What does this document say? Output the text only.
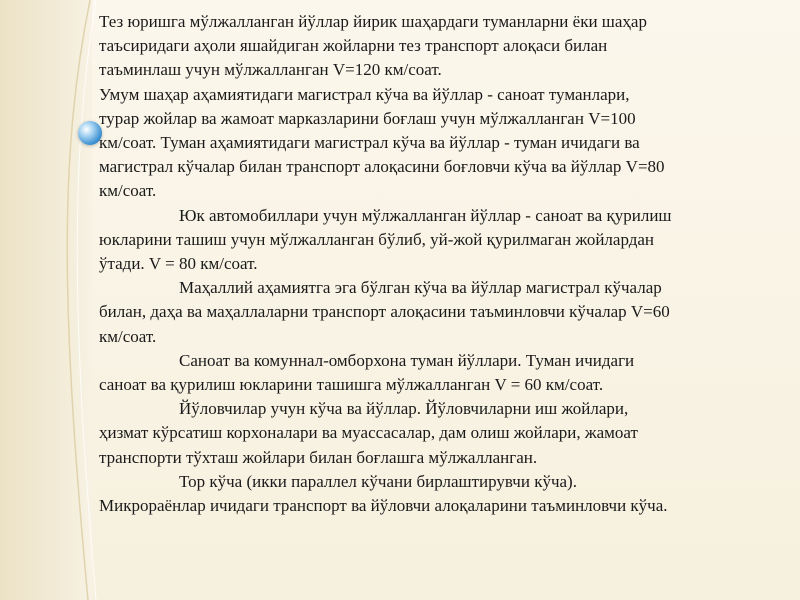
Тез юришга мўлжалланган йўллар йирик шаҳардаги туманларни ёки шаҳар

таъсиридаги аҳоли яшайдиган жойларни тез транспорт алоқаси билан

таъминлаш учун мўлжалланган V=120 км/соат.

Умум шаҳар аҳамиятидаги магистрал кўча ва йўллар - саноат туманлари,

турар жойлар ва жамоат марказларини боғлаш учун мўлжалланган V=100

км/соат. Туман аҳамиятидаги магистрал кўча ва йўллар - туман ичидаги ва

магистрал кўчалар билан транспорт алоқасини боғловчи кўча ва йўллар V=80

км/соат.

Юк автомобиллари учун мўлжалланган йўллар - саноат ва қурилиш

юкларини ташиш учун мўлжалланган бўлиб, уй-жой қурилмаган жойлардан

ўтади. V = 80 км/соат.

Маҳаллий аҳамиятга эга бўлган кўча ва йўллар магистрал кўчалар

билан, даҳа ва маҳаллаларни транспорт алоқасини таъминловчи кўчалар V=60

км/соат.

Саноат ва комуннал-омборхона туман йўллари. Туман ичидаги

саноат ва қурилиш юкларини ташишга мўлжалланган V = 60 км/соат.

Йўловчилар учун кўча ва йўллар. Йўловчиларни иш жойлари,

ҳизмат кўрсатиш корхоналари ва муассасалар, дам олиш жойлари, жамоат

транспорти тўхташ жойлари билан боғлашга мўлжалланган.

Тор кўча (икки параллел кўчани бирлаштирувчи кўча).

Микрораёнлар ичидаги транспорт ва йўловчи алоқаларини таъминловчи кўча.
